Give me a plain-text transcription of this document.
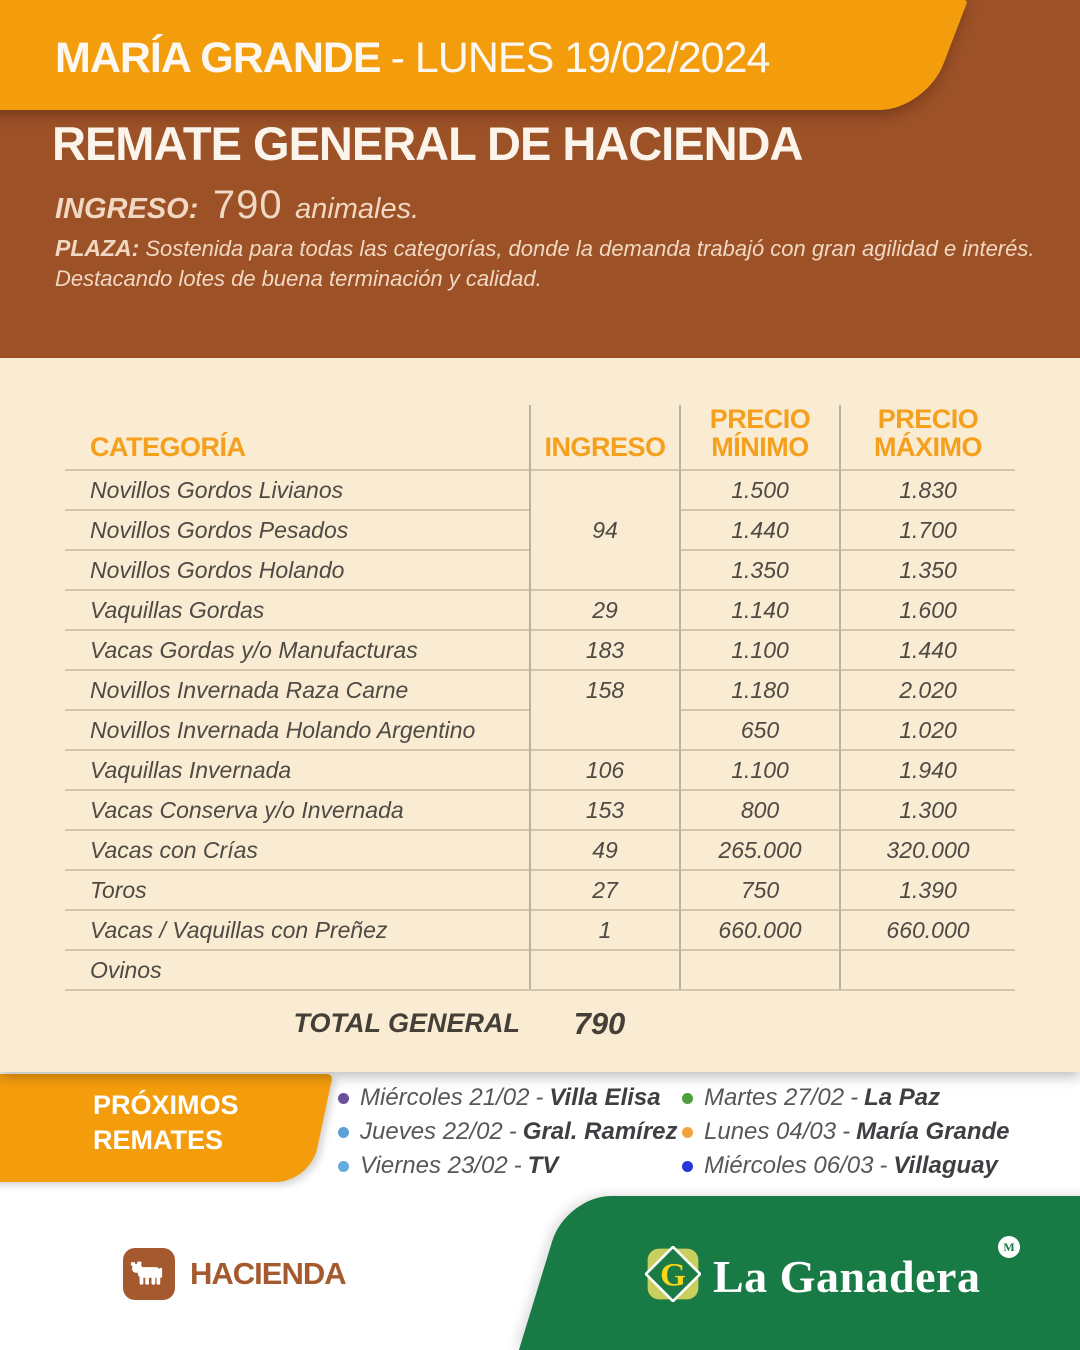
MARÍA GRANDE - LUNES 19/02/2024
REMATE GENERAL DE HACIENDA
INGRESO: 790 animales.
PLAZA: Sostenida para todas las categorías, donde la demanda trabajó con gran agilidad e interés.
Destacando lotes de buena terminación y calidad.
CATEGORÍA	INGRESO	PRECIO MÍNIMO	PRECIO MÁXIMO
Novillos Gordos Livianos	94	1.500	1.830
Novillos Gordos Pesados		1.440	1.700
Novillos Gordos Holando		1.350	1.350
Vaquillas Gordas	29	1.140	1.600
Vacas Gordas y/o Manufacturas	183	1.100	1.440
Novillos Invernada Raza Carne	158	1.180	2.020
Novillos Invernada Holando Argentino		650	1.020
Vaquillas Invernada	106	1.100	1.940
Vacas Conserva y/o Invernada	153	800	1.300
Vacas con Crías	49	265.000	320.000
Toros	27	750	1.390
Vacas / Vaquillas con Preñez	1	660.000	660.000
Ovinos			
TOTAL GENERAL 790
PRÓXIMOS
REMATES
Miércoles 21/02 - Villa Elisa
Jueves 22/02 - Gral. Ramírez
Viernes 23/02 - TV
Martes 27/02 - La Paz
Lunes 04/03 - María Grande
Miércoles 06/03 - Villaguay
HACIENDA	G La Ganadera
M
